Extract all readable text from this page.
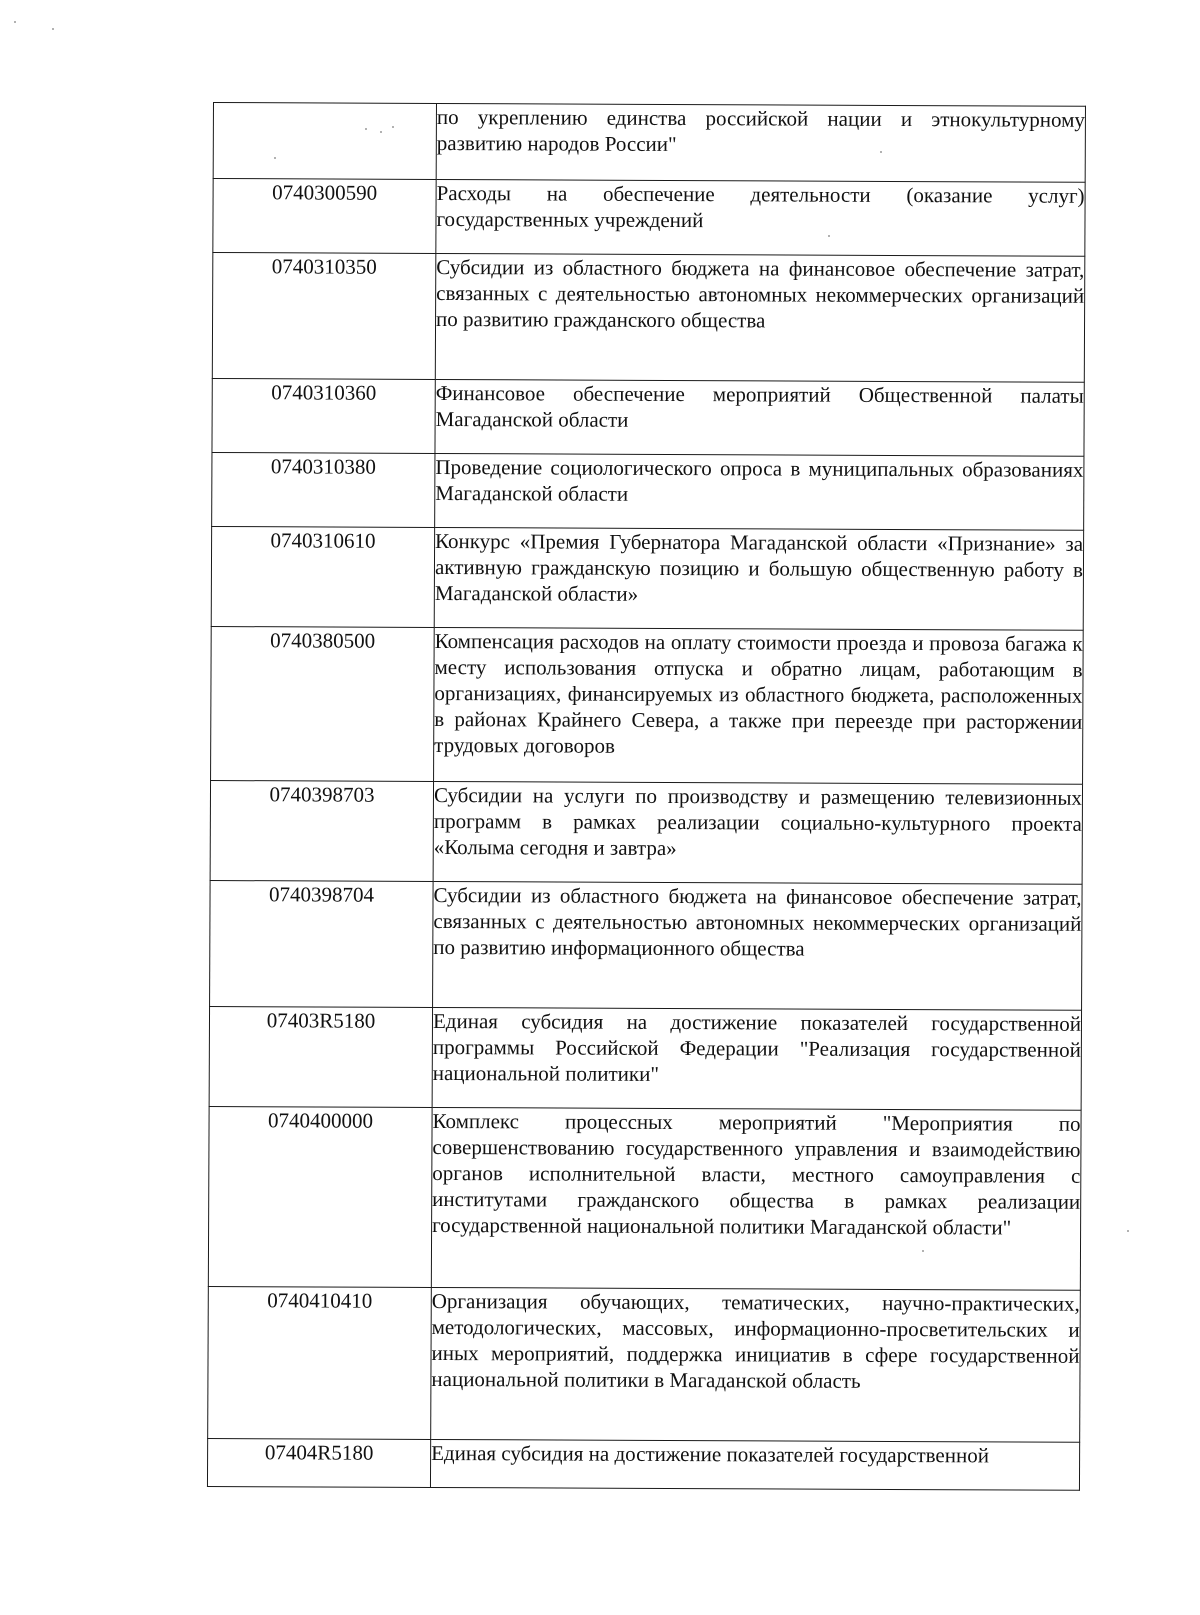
	по укреплению единства российской нации и этнокультурному развитию народов России"
0740300590	Расходы на обеспечение деятельности (оказание услуг) государственных учреждений
0740310350	Субсидии из областного бюджета на финансовое обеспечение затрат, связанных с деятельностью автономных некоммерческих организаций по развитию гражданского общества
0740310360	Финансовое обеспечение мероприятий Общественной палаты Магаданской области
0740310380	Проведение социологического опроса в муниципальных образованиях Магаданской области
0740310610	Конкурс «Премия Губернатора Магаданской области «Признание» за активную гражданскую позицию и большую общественную работу в Магаданской области»
0740380500	Компенсация расходов на оплату стоимости проезда и провоза багажа к месту использования отпуска и обратно лицам, работающим в организациях, финансируемых из областного бюджета, расположенных в районах Крайнего Севера, а также при переезде при расторжении трудовых договоров
0740398703	Субсидии на услуги по производству и размещению телевизионных программ в рамках реализации социально-культурного проекта «Колыма сегодня и завтра»
0740398704	Субсидии из областного бюджета на финансовое обеспечение затрат, связанных с деятельностью автономных некоммерческих организаций по развитию информационного общества
07403R5180	Единая субсидия на достижение показателей государственной программы Российской Федерации "Реализация государственной национальной политики"
0740400000	Комплекс процессных мероприятий "Мероприятия по совершенствованию государственного управления и взаимодействию органов исполнительной власти, местного самоуправления с институтами гражданского общества в рамках реализации государственной национальной политики Магаданской области"
0740410410	Организация обучающих, тематических, научно-практических, методологических, массовых, информационно-просветительских и иных мероприятий, поддержка инициатив в сфере государственной национальной политики в Магаданской область
07404R5180	Единая субсидия на достижение показателей государственной
